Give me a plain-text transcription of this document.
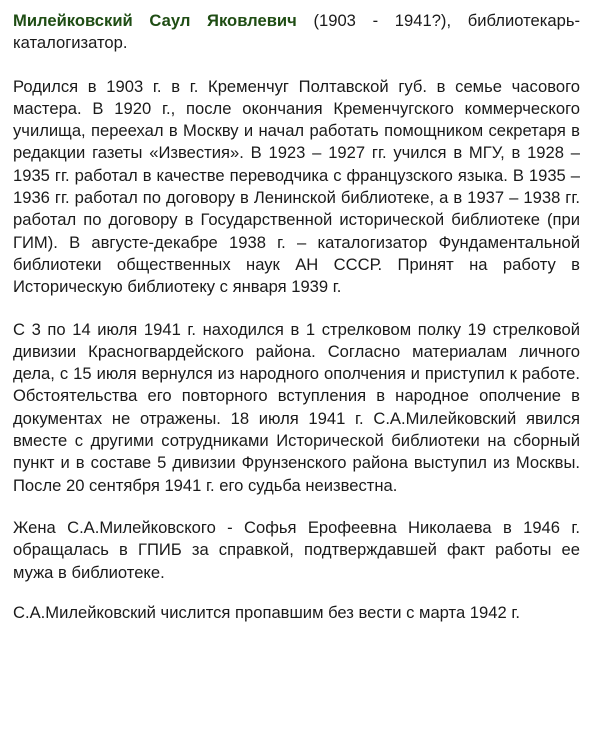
Милейковский Саул Яковлевич (1903 - 1941?), библиотекарь-каталогизатор.

Родился в 1903 г. в г. Кременчуг Полтавской губ. в семье часового мастера. В 1920 г., после окончания Кременчугского коммерческого училища, переехал в Москву и начал работать помощником секретаря в редакции газеты «Известия». В 1923 – 1927 гг. учился в МГУ, в 1928 – 1935 гг. работал в качестве переводчика с французского языка. В 1935 – 1936 гг. работал по договору в Ленинской библиотеке, а в 1937 – 1938 гг. работал по договору в Государственной исторической библиотеке (при ГИМ). В августе-декабре 1938 г. – каталогизатор Фундаментальной библиотеки общественных наук АН СССР. Принят на работу в Историческую библиотеку с января 1939 г.

С 3 по 14 июля 1941 г. находился в 1 стрелковом полку 19 стрелковой дивизии Красногвардейского района. Согласно материалам личного дела, с 15 июля вернулся из народного ополчения и приступил к работе. Обстоятельства его повторного вступления в народное ополчение в документах не отражены. 18 июля 1941 г. С.А.Милейковский явился вместе с другими сотрудниками Исторической библиотеки на сборный пункт и в составе 5 дивизии Фрунзенского района выступил из Москвы. После 20 сентября 1941 г. его судьба неизвестна.

Жена С.А.Милейковского - Софья Ерофеевна Николаева в 1946 г. обращалась в ГПИБ за справкой, подтверждавшей факт работы ее мужа в библиотеке.

С.А.Милейковский числится пропавшим без вести с марта 1942 г.
